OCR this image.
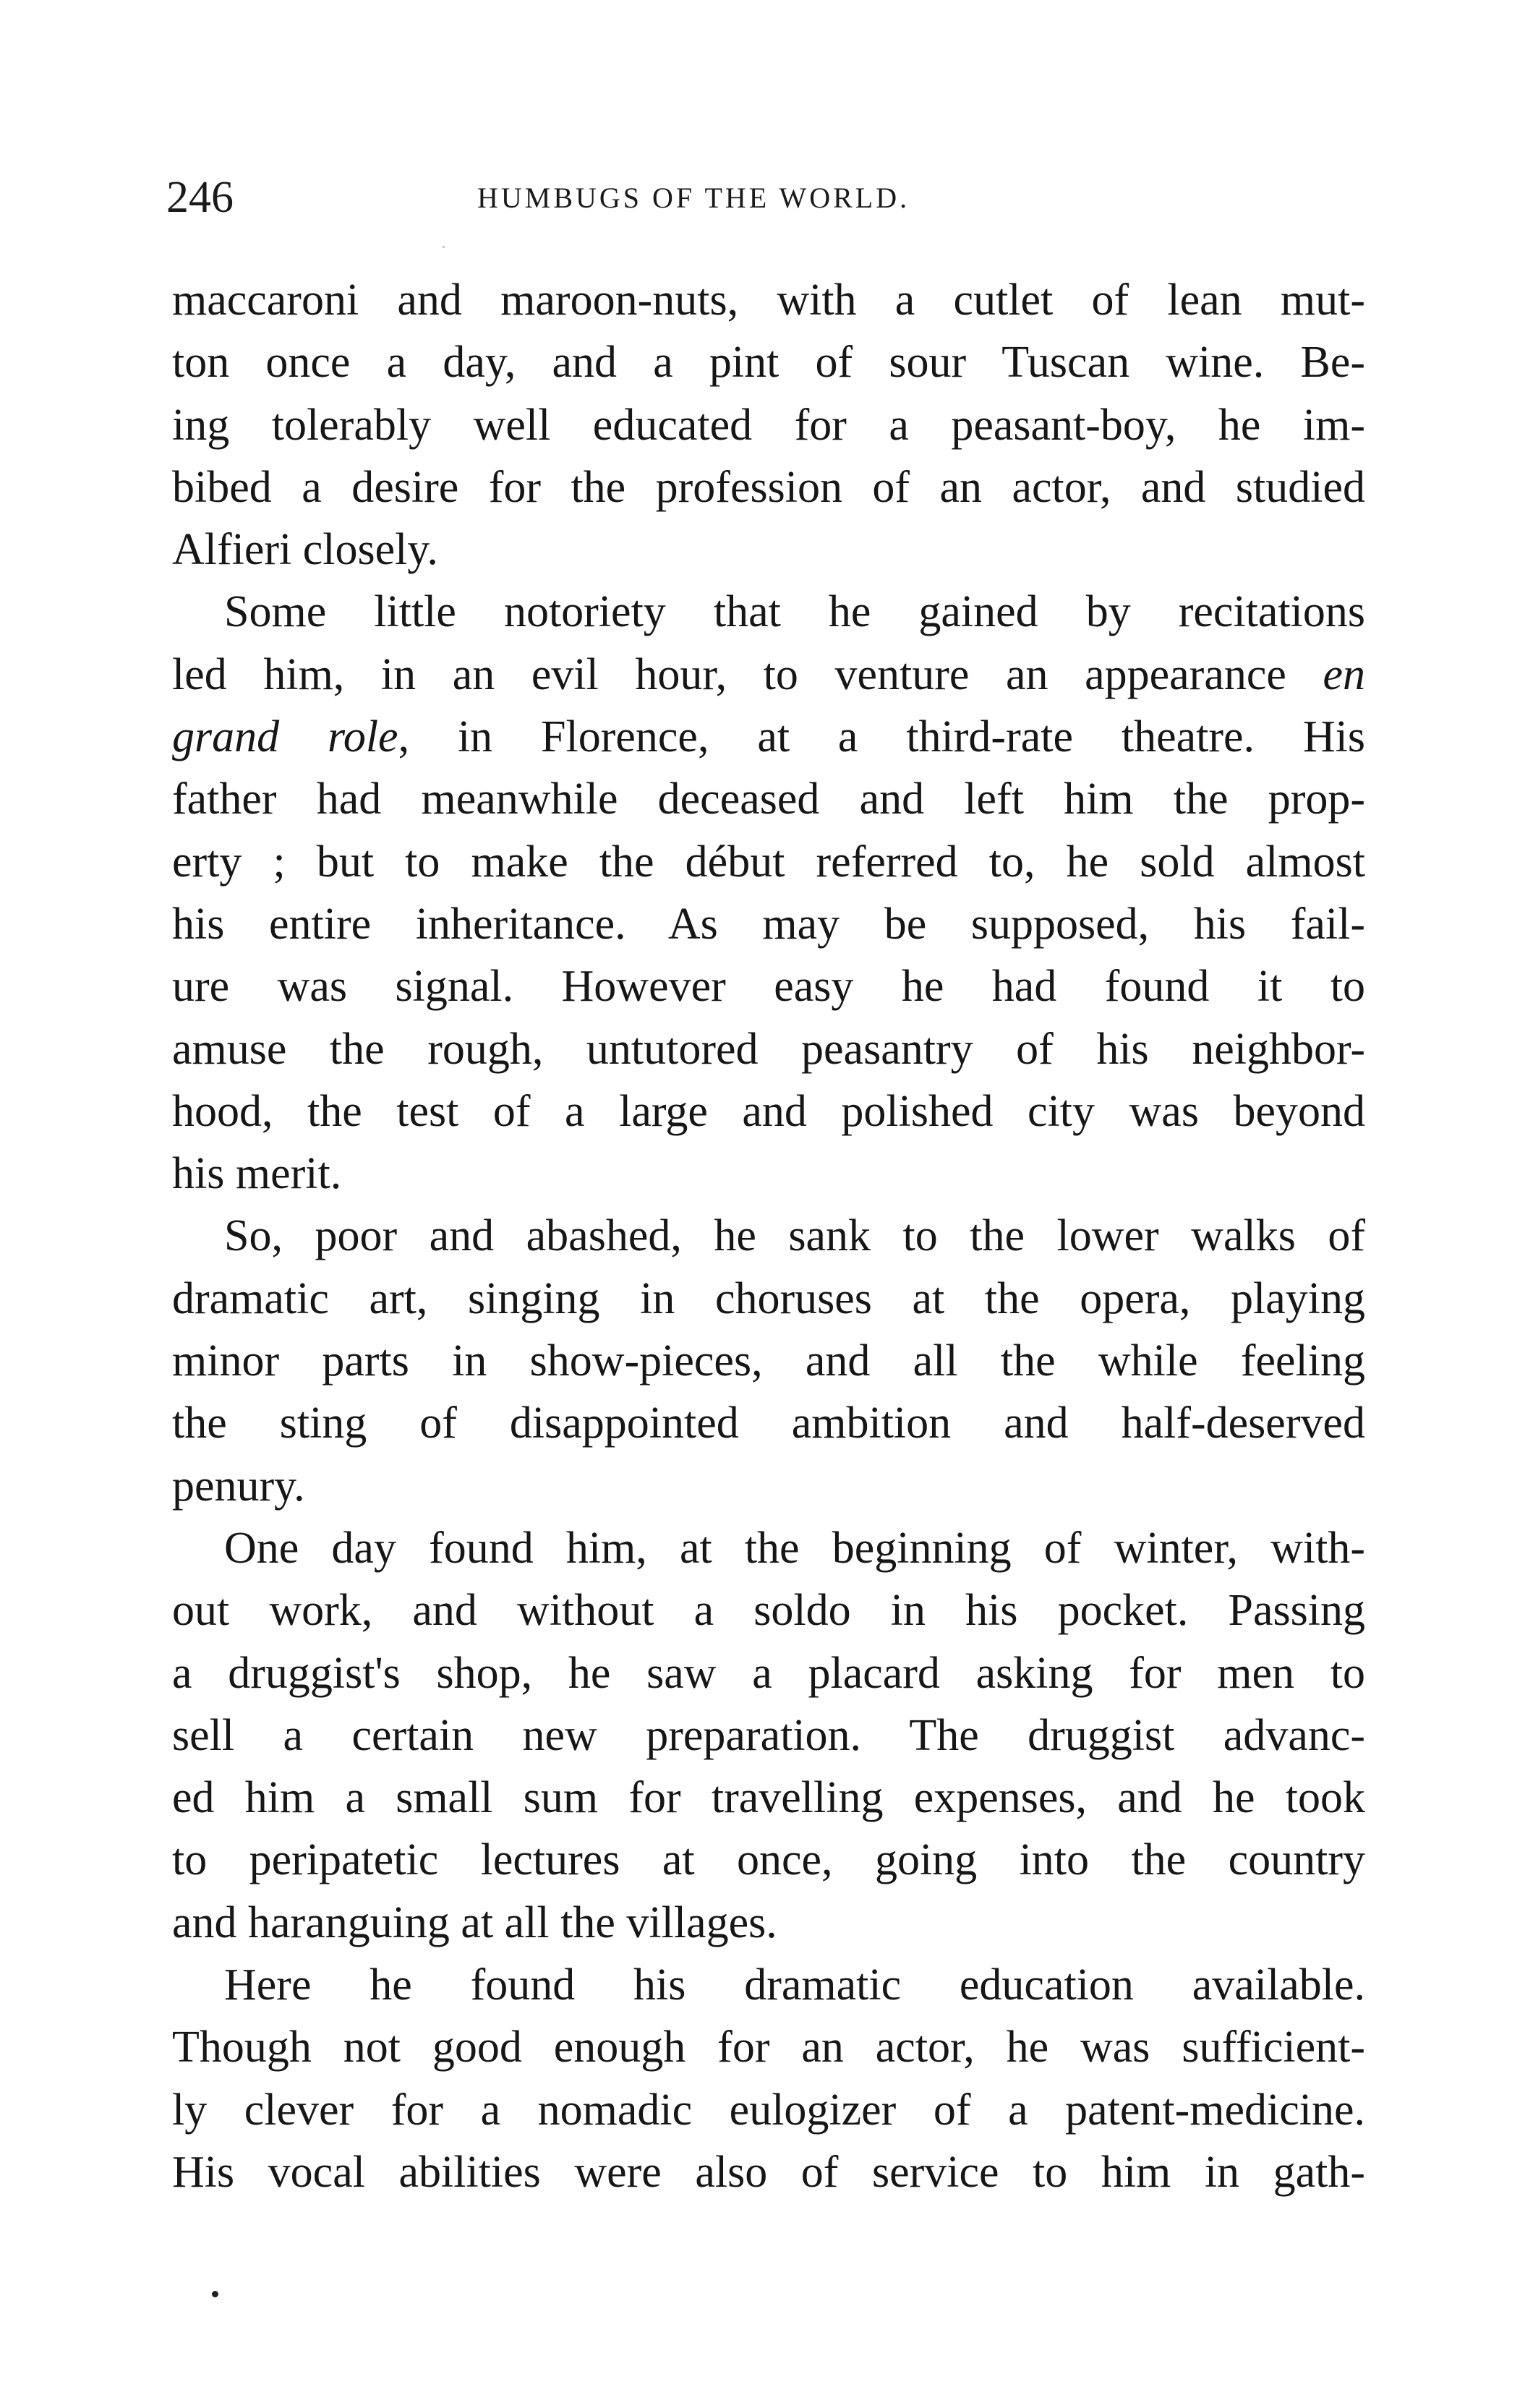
246	HUMBUGS OF THE WORLD.
maccaroni and maroon-nuts, with a cutlet of lean mut-
ton once a day, and a pint of sour Tuscan wine. Be-
ing tolerably well educated for a peasant-boy, he im-
bibed a desire for the profession of an actor, and studied
Alfieri closely.
Some little notoriety that he gained by recitations
led him, in an evil hour, to venture an appearance en
grand role, in Florence, at a third-rate theatre. His
father had meanwhile deceased and left him the prop-
erty ; but to make the début referred to, he sold almost
his entire inheritance. As may be supposed, his fail-
ure was signal. However easy he had found it to
amuse the rough, untutored peasantry of his neighbor-
hood, the test of a large and polished city was beyond
his merit.
So, poor and abashed, he sank to the lower walks of
dramatic art, singing in choruses at the opera, playing
minor parts in show-pieces, and all the while feeling
the sting of disappointed ambition and half-deserved
penury.
One day found him, at the beginning of winter, with-
out work, and without a soldo in his pocket. Passing
a druggist's shop, he saw a placard asking for men to
sell a certain new preparation. The druggist advanc-
ed him a small sum for travelling expenses, and he took
to peripatetic lectures at once, going into the country
and haranguing at all the villages.
Here he found his dramatic education available.
Though not good enough for an actor, he was sufficient-
ly clever for a nomadic eulogizer of a patent-medicine.
His vocal abilities were also of service to him in gath-
